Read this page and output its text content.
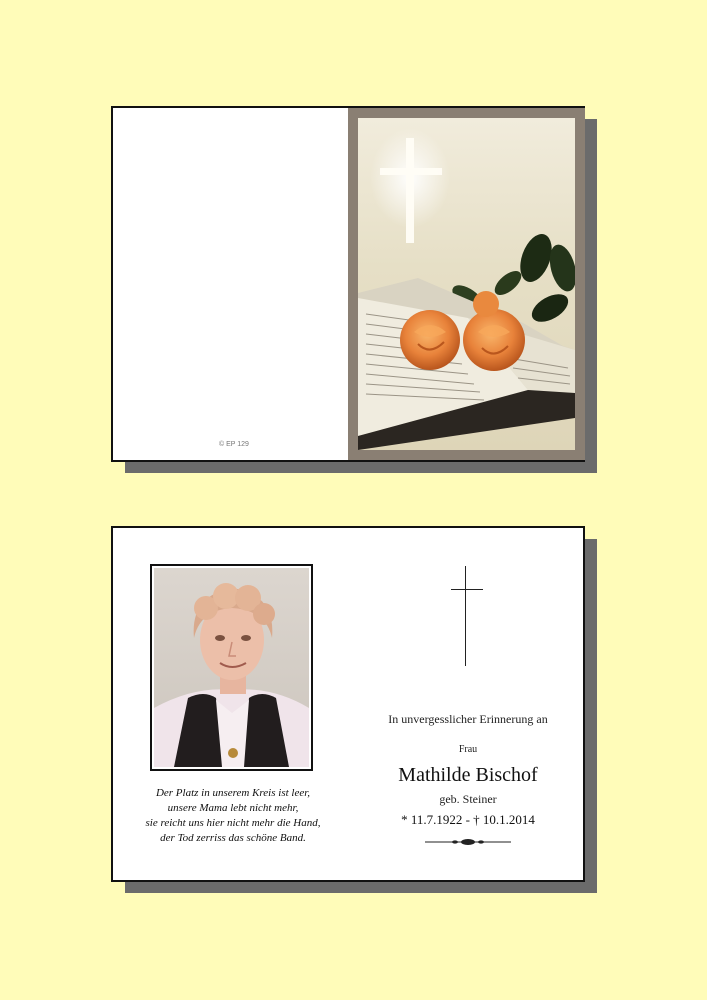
© EP 129
Der Platz in unserem Kreis ist leer,
unsere Mama lebt nicht mehr,
sie reicht uns hier nicht mehr die Hand,
der Tod zerriss das schöne Band.
In unvergesslicher Erinnerung an
Frau
Mathilde Bischof
geb. Steiner
* 11.7.1922 - † 10.1.2014
